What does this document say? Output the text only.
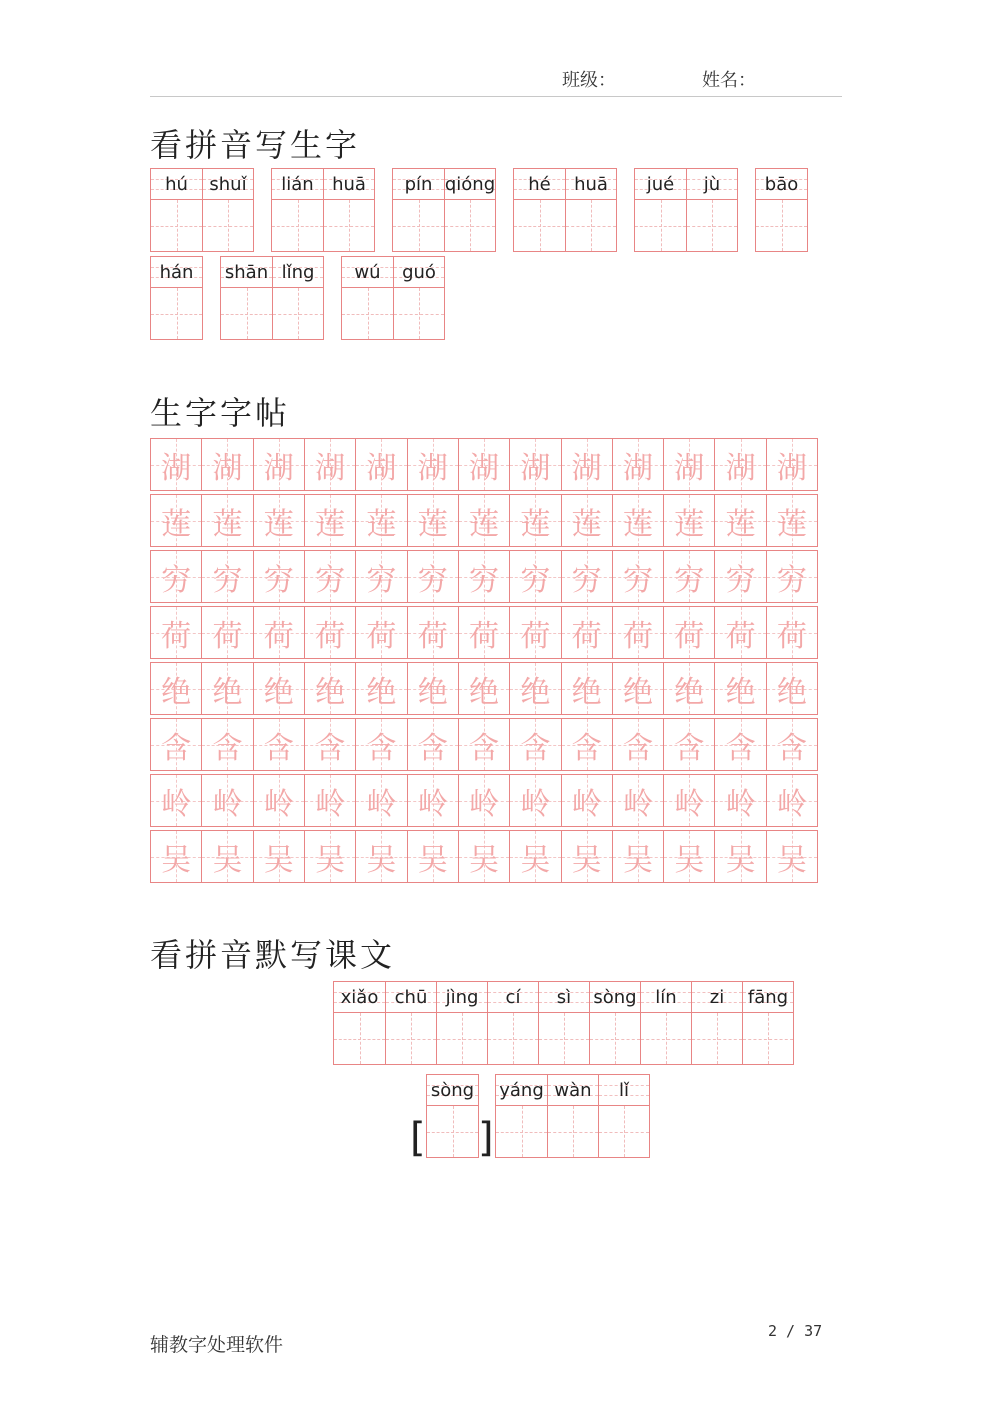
班级：	姓名：
看拼音写生字
hú shuǐ lián huā pín qióng hé huā jué jù bāo
hán shān lǐng wú guó
生字字帖
湖 湖 湖 湖 湖 湖 湖 湖 湖 湖 湖 湖 湖
莲 莲 莲 莲 莲 莲 莲 莲 莲 莲 莲 莲 莲
穷 穷 穷 穷 穷 穷 穷 穷 穷 穷 穷 穷 穷
荷 荷 荷 荷 荷 荷 荷 荷 荷 荷 荷 荷 荷
绝 绝 绝 绝 绝 绝 绝 绝 绝 绝 绝 绝 绝
含 含 含 含 含 含 含 含 含 含 含 含 含
岭 岭 岭 岭 岭 岭 岭 岭 岭 岭 岭 岭 岭
吴 吴 吴 吴 吴 吴 吴 吴 吴 吴 吴 吴 吴
看拼音默写课文
xiǎo chū jìng cí sì sòng lín zi fāng
[
sòng
]
yáng wàn lǐ
辅教字处理软件
2 / 37
